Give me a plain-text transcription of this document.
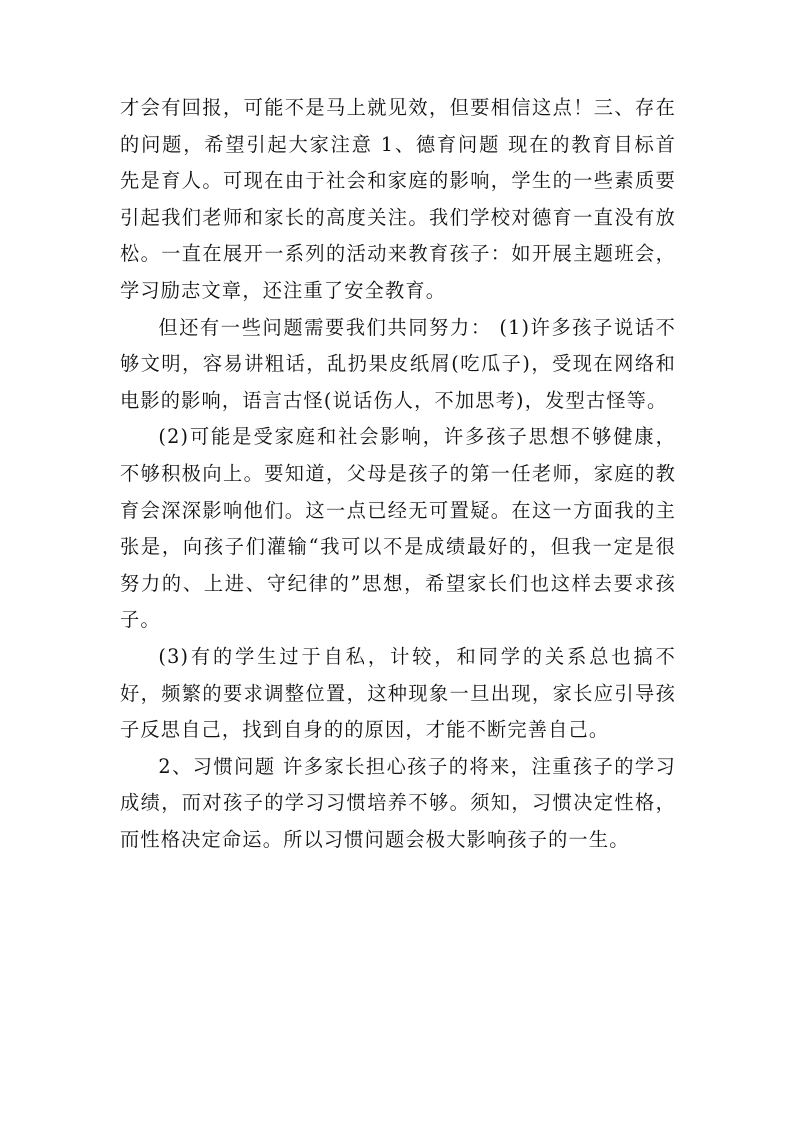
才会有回报，可能不是马上就见效，但要相信这点！三、存在的问题，希望引起大家注意 1、德育问题 现在的教育目标首先是育人。可现在由于社会和家庭的影响，学生的一些素质要引起我们老师和家长的高度关注。我们学校对德育一直没有放松。一直在展开一系列的活动来教育孩子：如开展主题班会，学习励志文章，还注重了安全教育。

但还有一些问题需要我们共同努力： (1)许多孩子说话不够文明，容易讲粗话，乱扔果皮纸屑(吃瓜子)，受现在网络和电影的影响，语言古怪(说话伤人，不加思考)，发型古怪等。

(2)可能是受家庭和社会影响，许多孩子思想不够健康，不够积极向上。要知道，父母是孩子的第一任老师，家庭的教育会深深影响他们。这一点已经无可置疑。在这一方面我的主张是，向孩子们灌输“我可以不是成绩最好的，但我一定是很努力的、上进、守纪律的”思想，希望家长们也这样去要求孩子。

(3)有的学生过于自私，计较，和同学的关系总也搞不好，频繁的要求调整位置，这种现象一旦出现，家长应引导孩子反思自己，找到自身的的原因，才能不断完善自己。

2、习惯问题 许多家长担心孩子的将来，注重孩子的学习成绩，而对孩子的学习习惯培养不够。须知，习惯决定性格，而性格决定命运。所以习惯问题会极大影响孩子的一生。
